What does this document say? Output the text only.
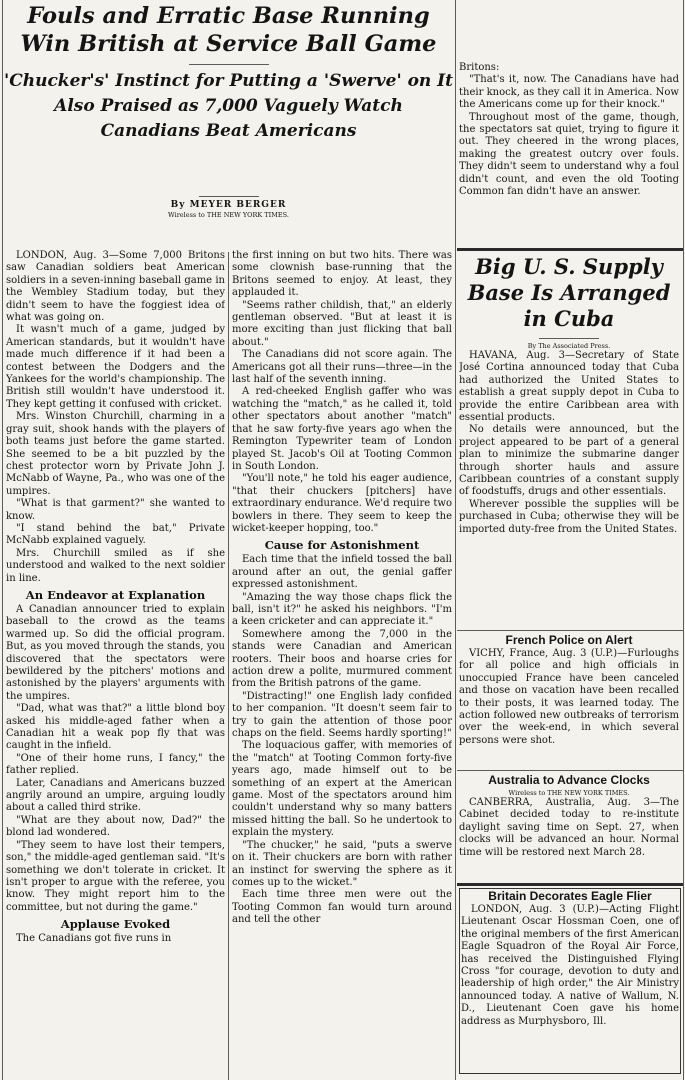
Fouls and Erratic Base Running Win British at Service Ball Game
'Chucker's' Instinct for Putting a 'Swerve' on It Also Praised as 7,000 Vaguely Watch Canadians Beat Americans

By MEYER BERGER

Wireless to THE NEW YORK TIMES.

LONDON, Aug. 3—Some 7,000 Britons saw Canadian soldiers beat American soldiers in a seven-inning baseball game in the Wembley Stadium today, but they didn't seem to have the foggiest idea of what was going on.

It wasn't much of a game, judged by American standards, but it wouldn't have made much difference if it had been a contest between the Dodgers and the Yankees for the world's championship. The British still wouldn't have understood it. They kept getting it confused with cricket.

Mrs. Winston Churchill, charming in a gray suit, shook hands with the players of both teams just before the game started. She seemed to be a bit puzzled by the chest protector worn by Private John J. McNabb of Wayne, Pa., who was one of the umpires.

"What is that garment?" she wanted to know.

"I stand behind the bat," Private McNabb explained vaguely.

Mrs. Churchill smiled as if she understood and walked to the next soldier in line.

An Endeavor at Explanation

A Canadian announcer tried to explain baseball to the crowd as the teams warmed up. So did the official program. But, as you moved through the stands, you discovered that the spectators were bewildered by the pitchers' motions and astonished by the players' arguments with the umpires.

"Dad, what was that?" a little blond boy asked his middle-aged father when a Canadian hit a weak pop fly that was caught in the infield.

"One of their home runs, I fancy," the father replied.

Later, Canadians and Americans buzzed angrily around an umpire, arguing loudly about a called third strike.

"What are they about now, Dad?" the blond lad wondered.

"They seem to have lost their tempers, son," the middle-aged gentleman said. "It's something we don't tolerate in cricket. It isn't proper to argue with the referee, you know. They might report him to the committee, but not during the game."

Applause Evoked

The Canadians got five runs in

the first inning on but two hits. There was some clownish base-running that the Britons seemed to enjoy. At least, they applauded it.

"Seems rather childish, that," an elderly gentleman observed. "But at least it is more exciting than just flicking that ball about."

The Canadians did not score again. The Americans got all their runs—three—in the last half of the seventh inning.

A red-cheeked English gaffer who was watching the "match," as he called it, told other spectators about another "match" that he saw forty-five years ago when the Remington Typewriter team of London played St. Jacob's Oil at Tooting Common in South London.

"You'll note," he told his eager audience, "that their chuckers [pitchers] have extraordinary endurance. We'd require two bowlers in there. They seem to keep the wicket-keeper hopping, too."

Cause for Astonishment

Each time that the infield tossed the ball around after an out, the genial gaffer expressed astonishment.

"Amazing the way those chaps flick the ball, isn't it?" he asked his neighbors. "I'm a keen cricketer and can appreciate it."

Somewhere among the 7,000 in the stands were Canadian and American rooters. Their boos and hoarse cries for action drew a polite, murmured comment from the British patrons of the game.

"Distracting!" one English lady confided to her companion. "It doesn't seem fair to try to gain the attention of those poor chaps on the field. Seems hardly sporting!"

The loquacious gaffer, with memories of the "match" at Tooting Common forty-five years ago, made himself out to be something of an expert at the American game. Most of the spectators around him couldn't understand why so many batters missed hitting the ball. So he undertook to explain the mystery.

"The chucker," he said, "puts a swerve on it. Their chuckers are born with rather an instinct for swerving the sphere as it comes up to the wicket."

Each time three men were out the Tooting Common fan would turn around and tell the other

Britons:

"That's it, now. The Canadians have had their knock, as they call it in America. Now the Americans come up for their knock."

Throughout most of the game, though, the spectators sat quiet, trying to figure it out. They cheered in the wrong places, making the greatest outcry over fouls. They didn't seem to understand why a foul didn't count, and even the old Tooting Common fan didn't have an answer.

Big U. S. Supply Base Is Arranged in Cuba

By The Associated Press.

HAVANA, Aug. 3—Secretary of State José Cortina announced today that Cuba had authorized the United States to establish a great supply depot in Cuba to provide the entire Caribbean area with essential products.

No details were announced, but the project appeared to be part of a general plan to minimize the submarine danger through shorter hauls and assure Caribbean countries of a constant supply of foodstuffs, drugs and other essentials.

Wherever possible the supplies will be purchased in Cuba; otherwise they will be imported duty-free from the United States.

French Police on Alert

VICHY, France, Aug. 3 (U.P.)—Furloughs for all police and high officials in unoccupied France have been canceled and those on vacation have been recalled to their posts, it was learned today. The action followed new outbreaks of terrorism over the week-end, in which several persons were shot.

Australia to Advance Clocks

Wireless to THE NEW YORK TIMES.

CANBERRA, Australia, Aug. 3—The Cabinet decided today to re-institute daylight saving time on Sept. 27, when clocks will be advanced an hour. Normal time will be restored next March 28.

Britain Decorates Eagle Flier

LONDON, Aug. 3 (U.P.)—Acting Flight Lieutenant Oscar Hossman Coen, one of the original members of the first American Eagle Squadron of the Royal Air Force, has received the Distinguished Flying Cross "for courage, devotion to duty and leadership of high order," the Air Ministry announced today. A native of Wallum, N. D., Lieutenant Coen gave his home address as Murphysboro, Ill.
